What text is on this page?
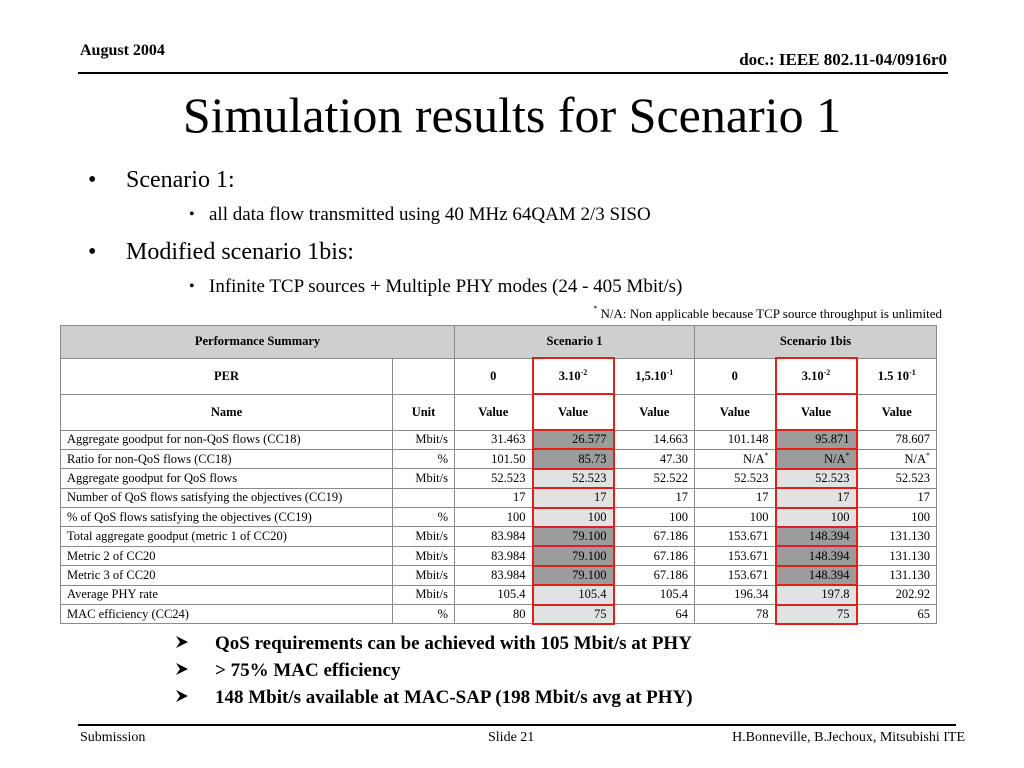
August 2004	doc.: IEEE 802.11-04/0916r0
Simulation results for Scenario 1
• Scenario 1:
• all data flow transmitted using 40 MHz 64QAM 2/3 SISO
• Modified scenario 1bis:
• Infinite TCP sources + Multiple PHY modes (24 - 405 Mbit/s)
* N/A: Non applicable because TCP source throughput is unlimited
Performance Summary		Scenario 1			Scenario 1bis		
PER		0	$3.10^{-2}$	$1,5.10^{-1}$	0	$3.10^{-2}$	1.5 $10^{-1}$
Name	Unit	Value	Value	Value	Value	Value	Value
Aggregate goodput for non-QoS flows (CC18)	Mbit/s	31.463	26.577	14.663	101.148	95.871	78.607
Ratio for non-QoS flows (CC18)	%	101.50	85.73	47.30	N/A*	N/A*	N/A*
Aggregate goodput for QoS flows	Mbit/s	52.523	52.523	52.522	52.523	52.523	52.523
Number of QoS flows satisfying the objectives (CC19)		17	17	17	17	17	17
% of QoS flows satisfying the objectives (CC19)	%	100	100	100	100	100	100
Total aggregate goodput (metric 1 of CC20)	Mbit/s	83.984	79.100	67.186	153.671	148.394	131.130
Metric 2 of CC20	Mbit/s	83.984	79.100	67.186	153.671	148.394	131.130
Metric 3 of CC20	Mbit/s	83.984	79.100	67.186	153.671	148.394	131.130
Average PHY rate	Mbit/s	105.4	105.4	105.4	196.34	197.8	202.92
MAC efficiency (CC24)	%	80	75	64	78	75	65
QoS requirements can be achieved with 105 Mbit/s at PHY
> 75% MAC efficiency
148 Mbit/s available at MAC-SAP (198 Mbit/s avg at PHY)
Submission	Slide 21	H.Bonneville, B.Jechoux, Mitsubishi ITE
